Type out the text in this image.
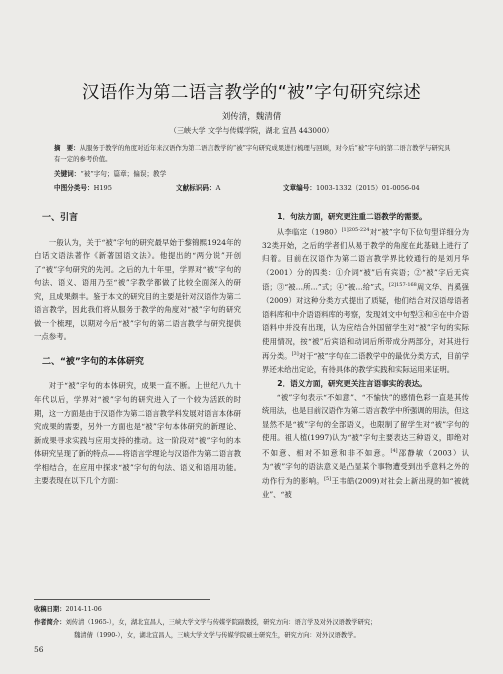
汉语作为第二语言教学的“被”字句研究综述
刘传清，魏清倩
（三峡大学 文学与传媒学院，湖北 宜昌 443000）
摘　要：从服务于教学的角度对近年来汉语作为第二语言教学的“被”字句研究成果进行梳理与回顾，对今后“被”字句的第二语言教学与研究具有一定的参考价值。
关键词：“被”字句；篇章；偏误；教学
中图分类号：H195	文献标识码：A	文章编号：1003-1332（2015）01-0056-04
一、引言

一般认为，关于“被”字句的研究最早始于黎锦熙1924年的白话文语法著作《新著国语文法》。他提出的“两分说”开创了“被”字句研究的先河。之后的九十年里，学界对“被”字句的句法、语义、语用乃至“被”字教学都做了比较全面深入的研究，且成果颇丰。鉴于本文的研究目的主要是针对汉语作为第二语言教学，因此我们将从服务于教学的角度对“被”字句的研究做一个梳理，以期对今后“被”字句的第二语言教学与研究提供一点参考。

二、“被”字句的本体研究

对于“被”字句的本体研究，成果一直不断。上世纪八九十年代以后，学界对“被”字句的研究进入了一个较为活跃的时期，这一方面是由于汉语作为第二语言教学科发展对语言本体研究成果的需要，另外一方面也是“被”字句本体研究的新理论、新成果寻求实践与应用支持的推动。这一阶段对“被”字句的本体研究呈现了新的特点——将语言学理论与汉语作为第二语言教学相结合，在应用中探求“被”字句的句法、语义和语用功能。主要表现在以下几个方面：

1．句法方面，研究更注重二语教学的需要。

从李临定$(1980)^{[1]205-224}$对“被”字句下位句型详细分为32类开始，之后的学者们从易于教学的角度在此基础上进行了归着。目前在汉语作为第二语言教学界比较通行的是刘月华（2001）分的四类：①介词“被”后有宾语；②“被”字后无宾语；③“被…所…”式；④“被…给”式。$^{[2]157-168}$周文华、肖奚强（2009）对这种分类方式提出了质疑，他们结合对汉语母语者语料库和中介语语料库的考察，发现刘文中句型③和④在中介语语料中并没有出现，认为应结合外国留学生对“被”字句的实际使用情况，按“被”后宾语和动词后所带成分两部分，对其进行再分类。[3]对于“被”字句在二语教学中的最优分类方式，目前学界还未给出定论，有待具体的教学实践和实际运用来证明。

2．语义方面，研究更关注言语事实的表达。

“被”字句表示“不如意”、“不愉快”的感情色彩一直是其传统用法，也是目前汉语作为第二语言教学中所强调的用法，但这显然不是“被”字句的全部语义，也限制了留学生对“被”字句的使用。祖人植(1997)认为“被”字句主要表达三种语义，即绝对不如意、相对不如意和非不如意。[4]邵静敏（2003）认为“被”字句的语法意义是凸显某个事物遭受到出乎意料之外的动作行为的影响。[5]王韦皓(2009)对社会上新出现的如“被就业”、“被

收稿日期：2014-11-06
作者简介：刘传清（1965-），女，湖北宜昌人，三峡大学文学与传媒学院副教授，研究方向：语言学及对外汉语教学研究；
魏清倩（1990-），女，湖北宜昌人，三峡大学文学与传媒学院硕士研究生，研究方向：对外汉语教学。
56
